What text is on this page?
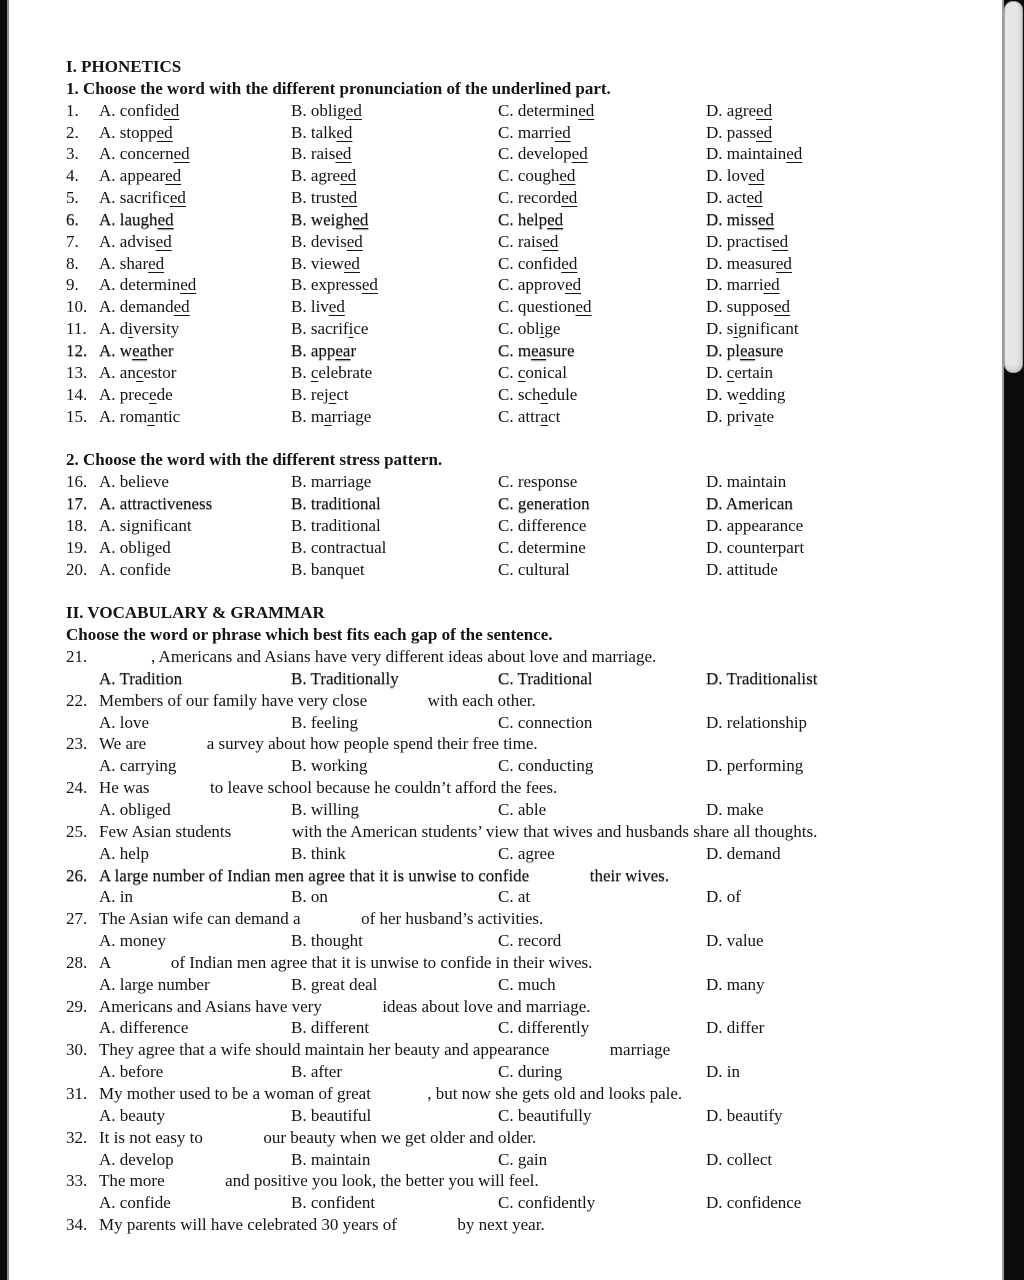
I. PHONETICS
1. Choose the word with the different pronunciation of the underlined part.
1.	A. confided	B. obliged	C. determined	D. agreed
2.	A. stopped	B. talked	C. married	D. passed
3.	A. concerned	B. raised	C. developed	D. maintained
4.	A. appeared	B. agreed	C. coughed	D. loved
5.	A. sacrificed	B. trusted	C. recorded	D. acted
6.	A. laughed	B. weighed	C. helped	D. missed
7.	A. advised	B. devised	C. raised	D. practised
8.	A. shared	B. viewed	C. confided	D. measured
9.	A. determined	B. expressed	C. approved	D. married
10. A. demanded	B. lived	C. questioned	D. supposed
11. A. diversity	B. sacrifice	C. oblige	D. significant
12. A. weather	B. appear	C. measure	D. pleasure
13. A. ancestor	B. celebrate	C. conical	D. certain
14. A. precede	B. reject	C. schedule	D. wedding
15. A. romantic	B. marriage	C. attract	D. private
2. Choose the word with the different stress pattern.
16. A. believe	B. marriage	C. response	D. maintain
17. A. attractiveness	B. traditional	C. generation	D. American
18. A. significant	B. traditional	C. difference	D. appearance
19. A. obliged	B. contractual	C. determine	D. counterpart
20. A. confide	B. banquet	C. cultural	D. attitude
II. VOCABULARY & GRAMMAR
Choose the word or phrase which best fits each gap of the sentence.
21.	, Americans and Asians have very different ideas about love and marriage.
A. Tradition	B. Traditionally	C. Traditional	D. Traditionalist
22. Members of our family have very close	with each other.
A. love	B. feeling	C. connection	D. relationship
23. We are	a survey about how people spend their free time.
A. carrying	B. working	C. conducting	D. performing
24. He was	to leave school because he couldn’t afford the fees.
A. obliged	B. willing	C. able	D. make
25. Few Asian students	with the American students’ view that wives and husbands share all thoughts.
A. help	B. think	C. agree	D. demand
26. A large number of Indian men agree that it is unwise to confide	their wives.
A. in	B. on	C. at	D. of
27. The Asian wife can demand a	of her husband’s activities.
A. money	B. thought	C. record	D. value
28. A	of Indian men agree that it is unwise to confide in their wives.
A. large number	B. great deal	C. much	D. many
29. Americans and Asians have very	ideas about love and marriage.
A. difference	B. different	C. differently	D. differ
30. They agree that a wife should maintain her beauty and appearance	marriage
A. before	B. after	C. during	D. in
31. My mother used to be a woman of great	, but now she gets old and looks pale.
A. beauty	B. beautiful	C. beautifully	D. beautify
32. It is not easy to	our beauty when we get older and older.
A. develop	B. maintain	C. gain	D. collect
33. The more	and positive you look, the better you will feel.
A. confide	B. confident	C. confidently	D. confidence
34. My parents will have celebrated 30 years of	by next year.
